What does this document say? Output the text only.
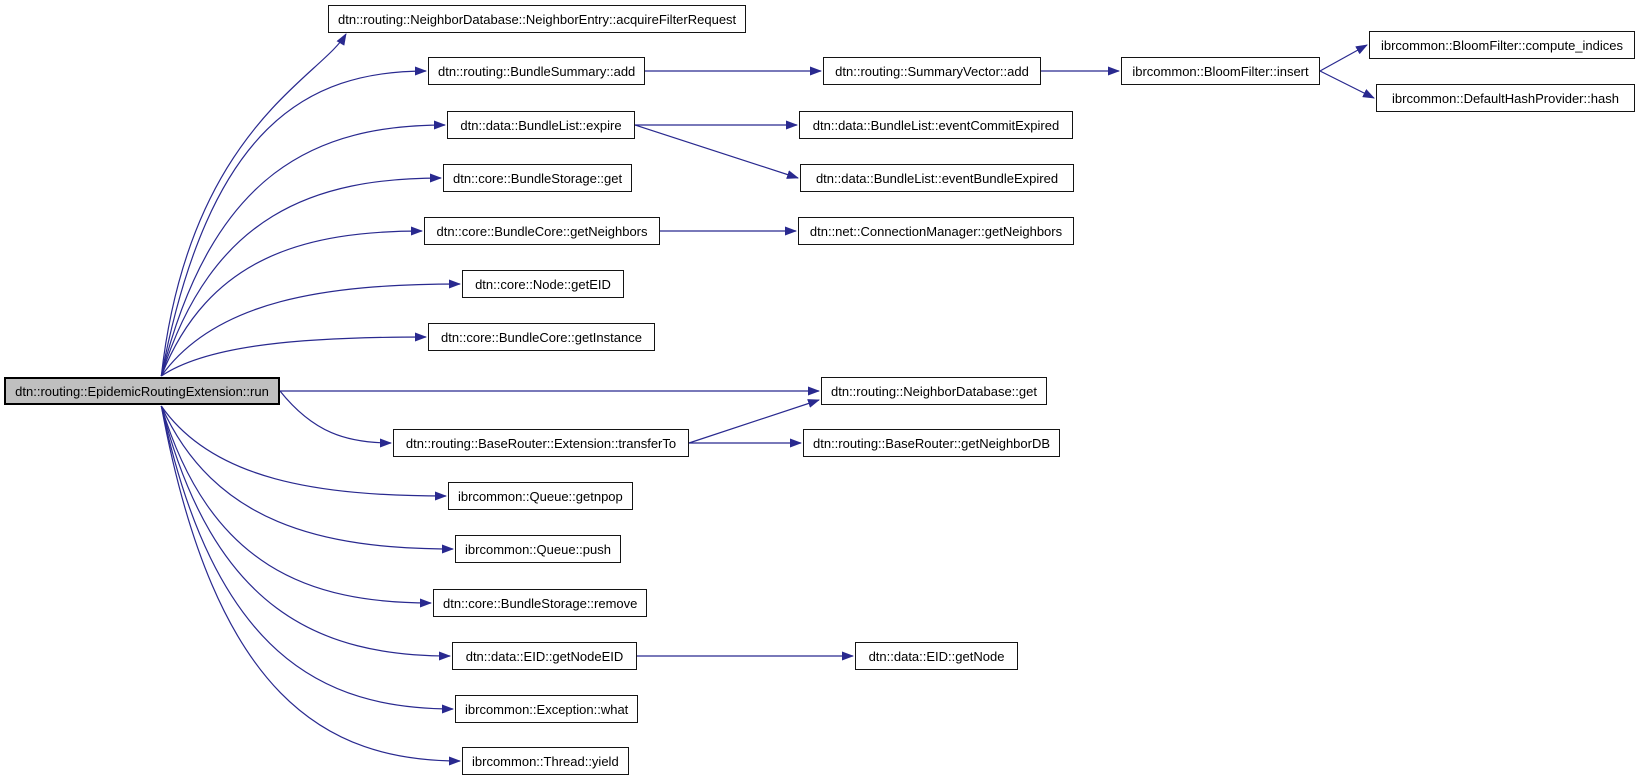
dtn::routing::EpidemicRoutingExtension::run
dtn::routing::NeighborDatabase::NeighborEntry::acquireFilterRequest
dtn::routing::BundleSummary::add	dtn::routing::SummaryVector::add	ibrcommon::BloomFilter::insert
ibrcommon::BloomFilter::compute_indices
ibrcommon::DefaultHashProvider::hash
dtn::data::BundleList::expire	dtn::data::BundleList::eventCommitExpired
dtn::data::BundleList::eventBundleExpired
dtn::core::BundleStorage::get
dtn::core::BundleCore::getNeighbors	dtn::net::ConnectionManager::getNeighbors
dtn::core::Node::getEID
dtn::core::BundleCore::getInstance
dtn::routing::NeighborDatabase::get
dtn::routing::BaseRouter::Extension::transferTo	dtn::routing::BaseRouter::getNeighborDB
ibrcommon::Queue::getnpop
ibrcommon::Queue::push
dtn::core::BundleStorage::remove
dtn::data::EID::getNodeEID	dtn::data::EID::getNode
ibrcommon::Exception::what
ibrcommon::Thread::yield
